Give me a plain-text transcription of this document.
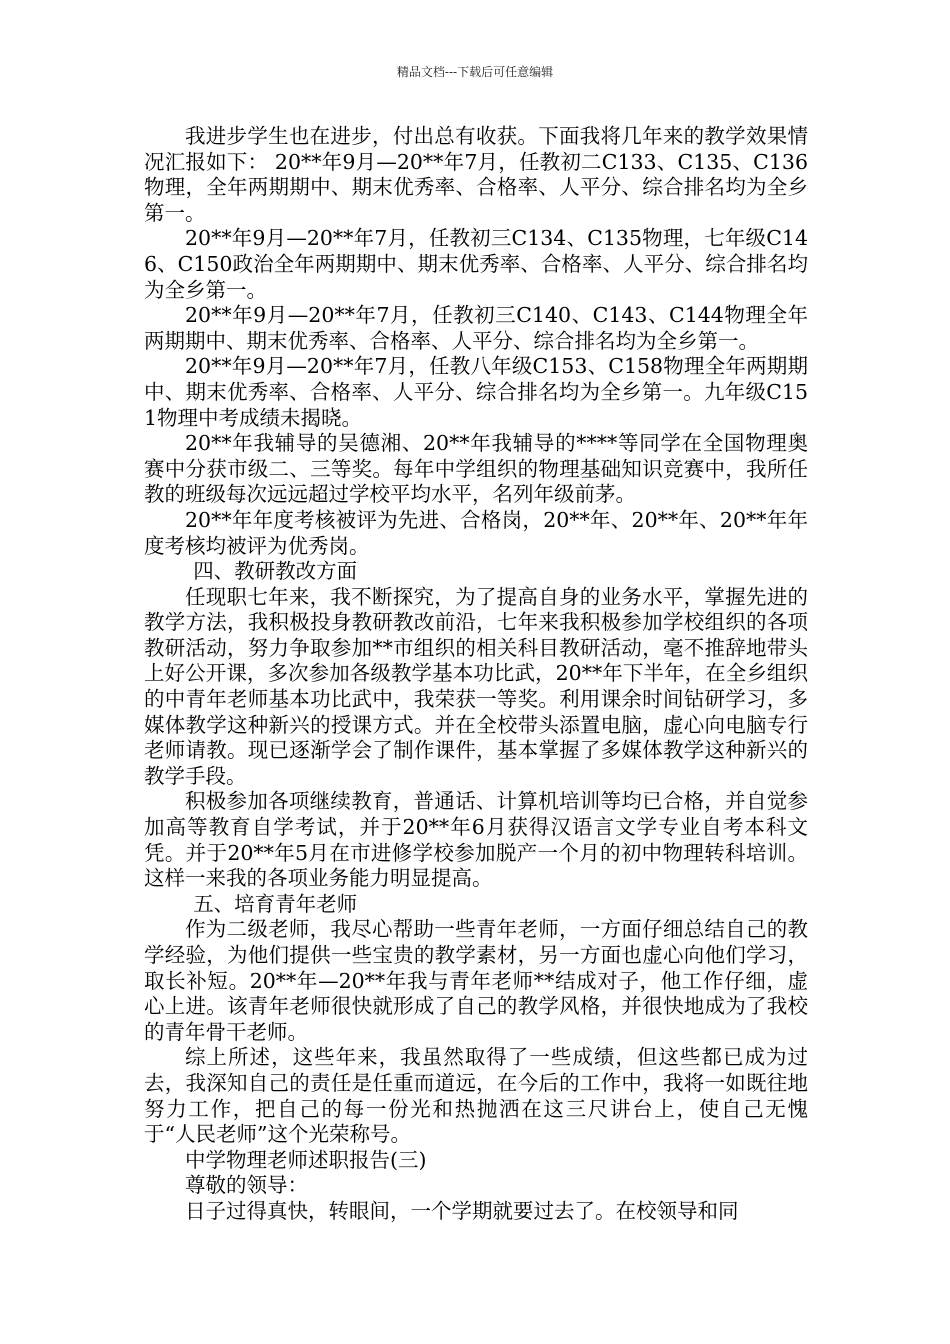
精品文档---下载后可任意编辑

我进步学生也在进步，付出总有收获。下面我将几年来的教学效果情况汇报如下： 20**年9月—20**年7月，任教初二C133、C135、C136物理，全年两期期中、期末优秀率、合格率、人平分、综合排名均为全乡第一。

20**年9月—20**年7月，任教初三C134、C135物理，七年级C146、C150政治全年两期期中、期末优秀率、合格率、人平分、综合排名均为全乡第一。

20**年9月—20**年7月，任教初三C140、C143、C144物理全年两期期中、期末优秀率、合格率、人平分、综合排名均为全乡第一。

20**年9月—20**年7月，任教八年级C153、C158物理全年两期期中、期末优秀率、合格率、人平分、综合排名均为全乡第一。九年级C151物理中考成绩未揭晓。

20**年我辅导的吴德湘、20**年我辅导的****等同学在全国物理奥赛中分获市级二、三等奖。每年中学组织的物理基础知识竞赛中，我所任教的班级每次远远超过学校平均水平，名列年级前茅。

20**年年度考核被评为先进、合格岗，20**年、20**年、20**年年度考核均被评为优秀岗。

四、教研教改方面

任现职七年来，我不断探究，为了提高自身的业务水平，掌握先进的教学方法，我积极投身教研教改前沿，七年来我积极参加学校组织的各项教研活动，努力争取参加**市组织的相关科目教研活动，毫不推辞地带头上好公开课，多次参加各级教学基本功比武，20**年下半年，在全乡组织的中青年老师基本功比武中，我荣获一等奖。利用课余时间钻研学习，多媒体教学这种新兴的授课方式。并在全校带头添置电脑，虚心向电脑专行老师请教。现已逐渐学会了制作课件，基本掌握了多媒体教学这种新兴的教学手段。

积极参加各项继续教育，普通话、计算机培训等均已合格，并自觉参加高等教育自学考试，并于20**年6月获得汉语言文学专业自考本科文凭。并于20**年5月在市进修学校参加脱产一个月的初中物理转科培训。这样一来我的各项业务能力明显提高。

五、培育青年老师

作为二级老师，我尽心帮助一些青年老师，一方面仔细总结自己的教学经验，为他们提供一些宝贵的教学素材，另一方面也虚心向他们学习，取长补短。20**年—20**年我与青年老师**结成对子，他工作仔细，虚心上进。该青年老师很快就形成了自己的教学风格，并很快地成为了我校的青年骨干老师。

综上所述，这些年来，我虽然取得了一些成绩，但这些都已成为过去，我深知自己的责任是任重而道远，在今后的工作中，我将一如既往地努力工作，把自己的每一份光和热抛洒在这三尺讲台上，使自己无愧于“人民老师”这个光荣称号。

中学物理老师述职报告(三)

尊敬的领导：

日子过得真快，转眼间，一个学期就要过去了。在校领导和同
